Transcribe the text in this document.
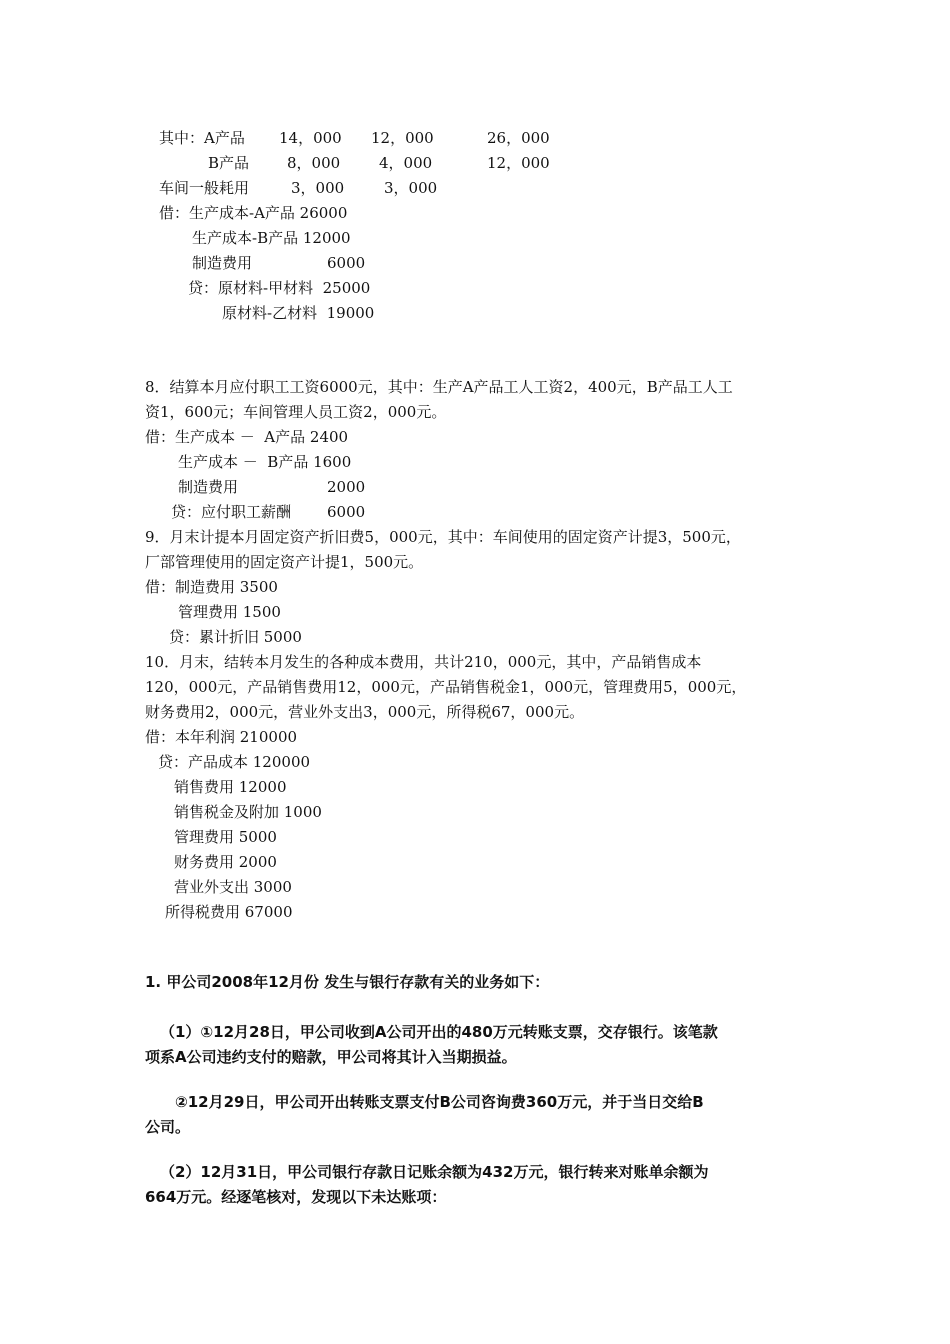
其中：A产品 14，000 12，000	26，000
B产品	8，000	4，000	12，000
车间一般耗用	3，000	3，000
借：生产成本-A产品 26000
生产成本-B产品 12000
制造费用	6000
贷：原材料-甲材料  25000
原材料-乙材料  19000
8．结算本月应付职工工资6000元，其中：生产A产品工人工资2，400元，B产品工人工
资1，600元；车间管理人员工资2，000元。
借：生产成本 －  A产品 2400
生产成本 －  B产品 1600
制造费用	2000
贷：应付职工薪酬 6000
9．月末计提本月固定资产折旧费5，000元，其中：车间使用的固定资产计提3，500元，
厂部管理使用的固定资产计提1，500元。
借：制造费用 3500
管理费用 1500
贷：累计折旧 5000
10．月末，结转本月发生的各种成本费用，共计210，000元，其中，产品销售成本
120，000元，产品销售费用12，000元，产品销售税金1，000元，管理费用5，000元，
财务费用2，000元，营业外支出3，000元，所得税67，000元。
借：本年利润 210000
贷：产品成本 120000
销售费用 12000
销售税金及附加 1000
管理费用 5000
财务费用 2000
营业外支出 3000
所得税费用 67000
1. 甲公司2008年12月份 发生与银行存款有关的业务如下：
（1）①12月28日，甲公司收到A公司开出的480万元转账支票，交存银行。该笔款
项系A公司违约支付的赔款，甲公司将其计入当期损益。
②12月29日，甲公司开出转账支票支付B公司咨询费360万元，并于当日交给B
公司。
（2）12月31日，甲公司银行存款日记账余额为432万元，银行转来对账单余额为
664万元。经逐笔核对，发现以下未达账项：
